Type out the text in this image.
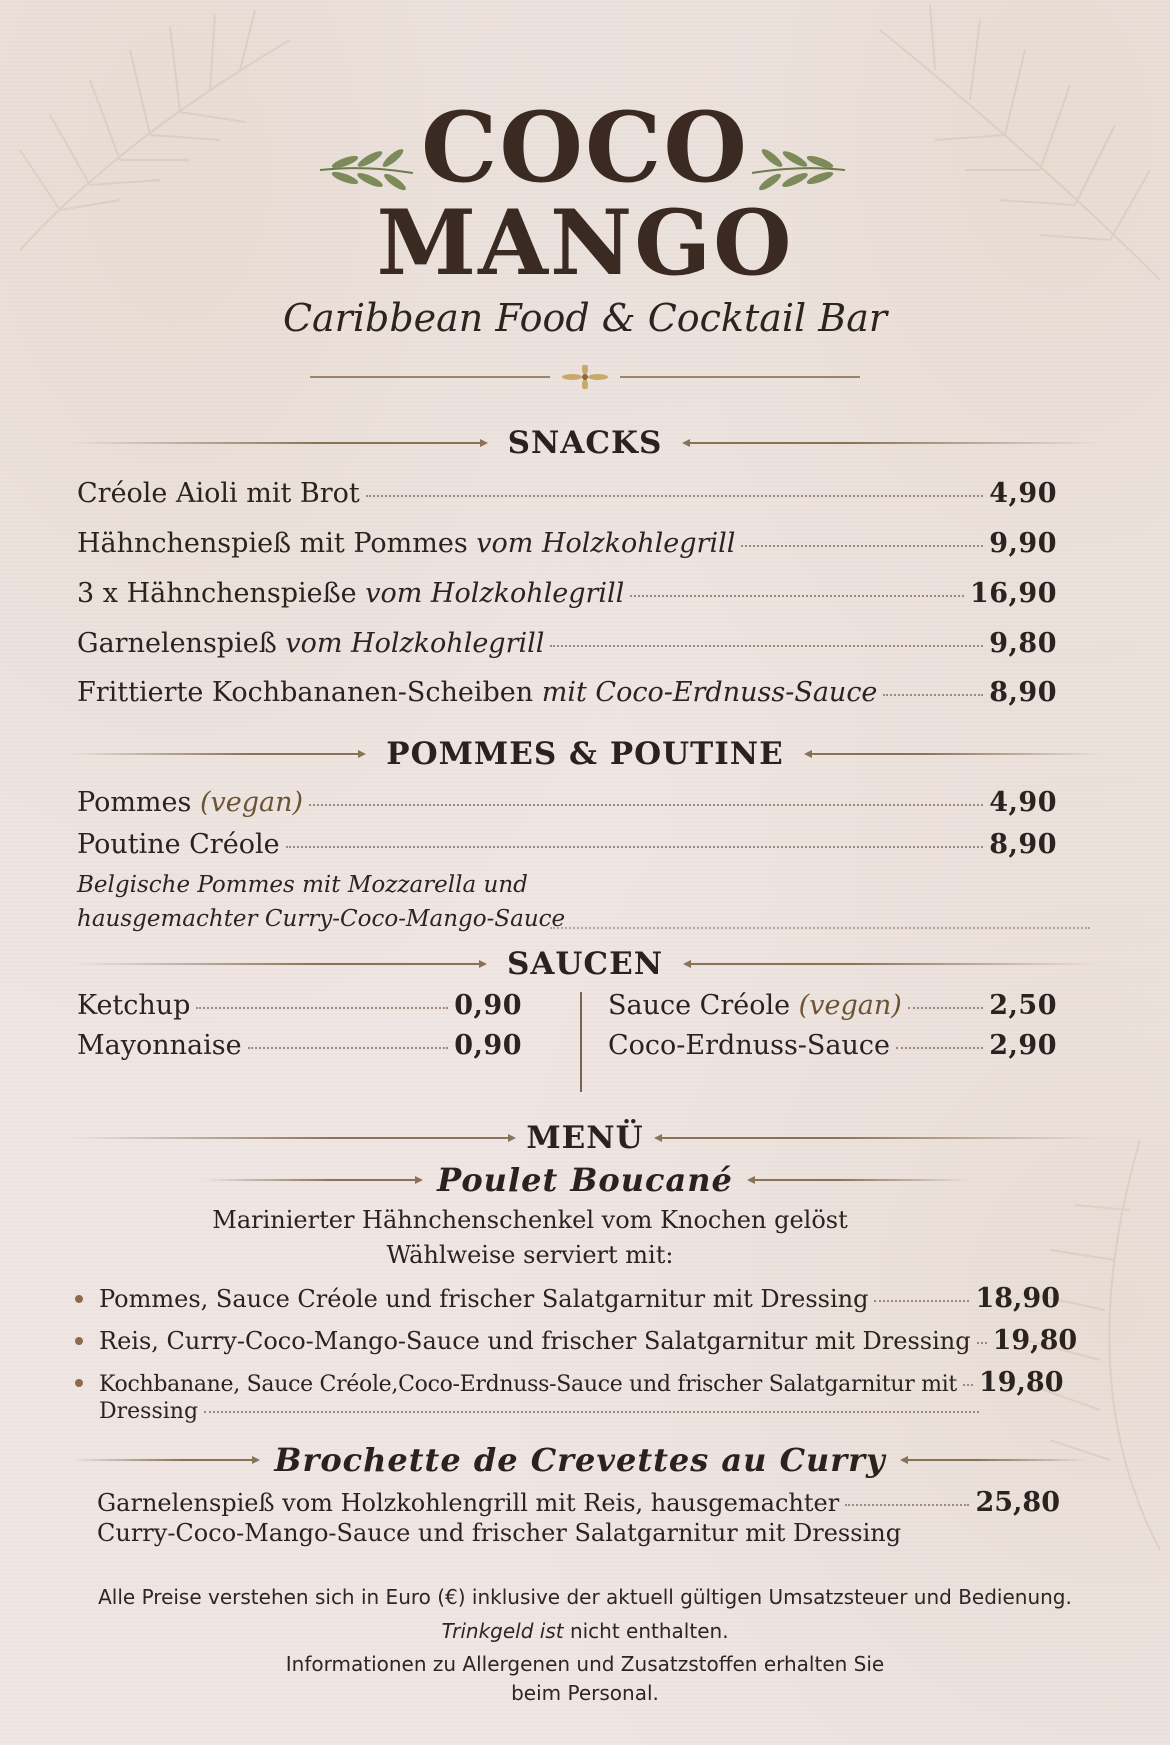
COCO
MANGO
Caribbean Food & Cocktail Bar
SNACKS
Créole Aioli mit Brot	4,90
Hähnchenspieß mit Pommes vom Holzkohlegrill	9,90
3 x Hähnchenspieße vom Holzkohlegrill	16,90
Garnelenspieß vom Holzkohlegrill	9,80
Frittierte Kochbananen-Scheiben mit Coco-Erdnuss-Sauce	8,90
POMMES & POUTINE
Pommes (vegan)	4,90
Poutine Créole	8,90
Belgische Pommes mit Mozzarella und
hausgemachter Curry-Coco-Mango-Sauce
SAUCEN
Ketchup	0,90
Mayonnaise	0,90
Sauce Créole (vegan)	2,50
Coco-Erdnuss-Sauce	2,90
MENÜ
Poulet Boucané
Marinierter Hähnchenschenkel vom Knochen gelöst
Wählweise serviert mit:
Pommes, Sauce Créole und frischer Salatgarnitur mit Dressing	18,90
Reis, Curry-Coco-Mango-Sauce und frischer Salatgarnitur mit Dressing 19,80
Kochbanane, Sauce Créole,Coco-Erdnuss-Sauce und frischer Salatgarnitur mit 19,80
Dressing
Brochette de Crevettes au Curry
Garnelenspieß vom Holzkohlengrill mit Reis, hausgemachter	25,80
Curry-Coco-Mango-Sauce und frischer Salatgarnitur mit Dressing
Alle Preise verstehen sich in Euro (€) inklusive der aktuell gültigen Umsatzsteuer und Bedienung.
Trinkgeld ist nicht enthalten.
Informationen zu Allergenen und Zusatzstoffen erhalten Sie
beim Personal.
